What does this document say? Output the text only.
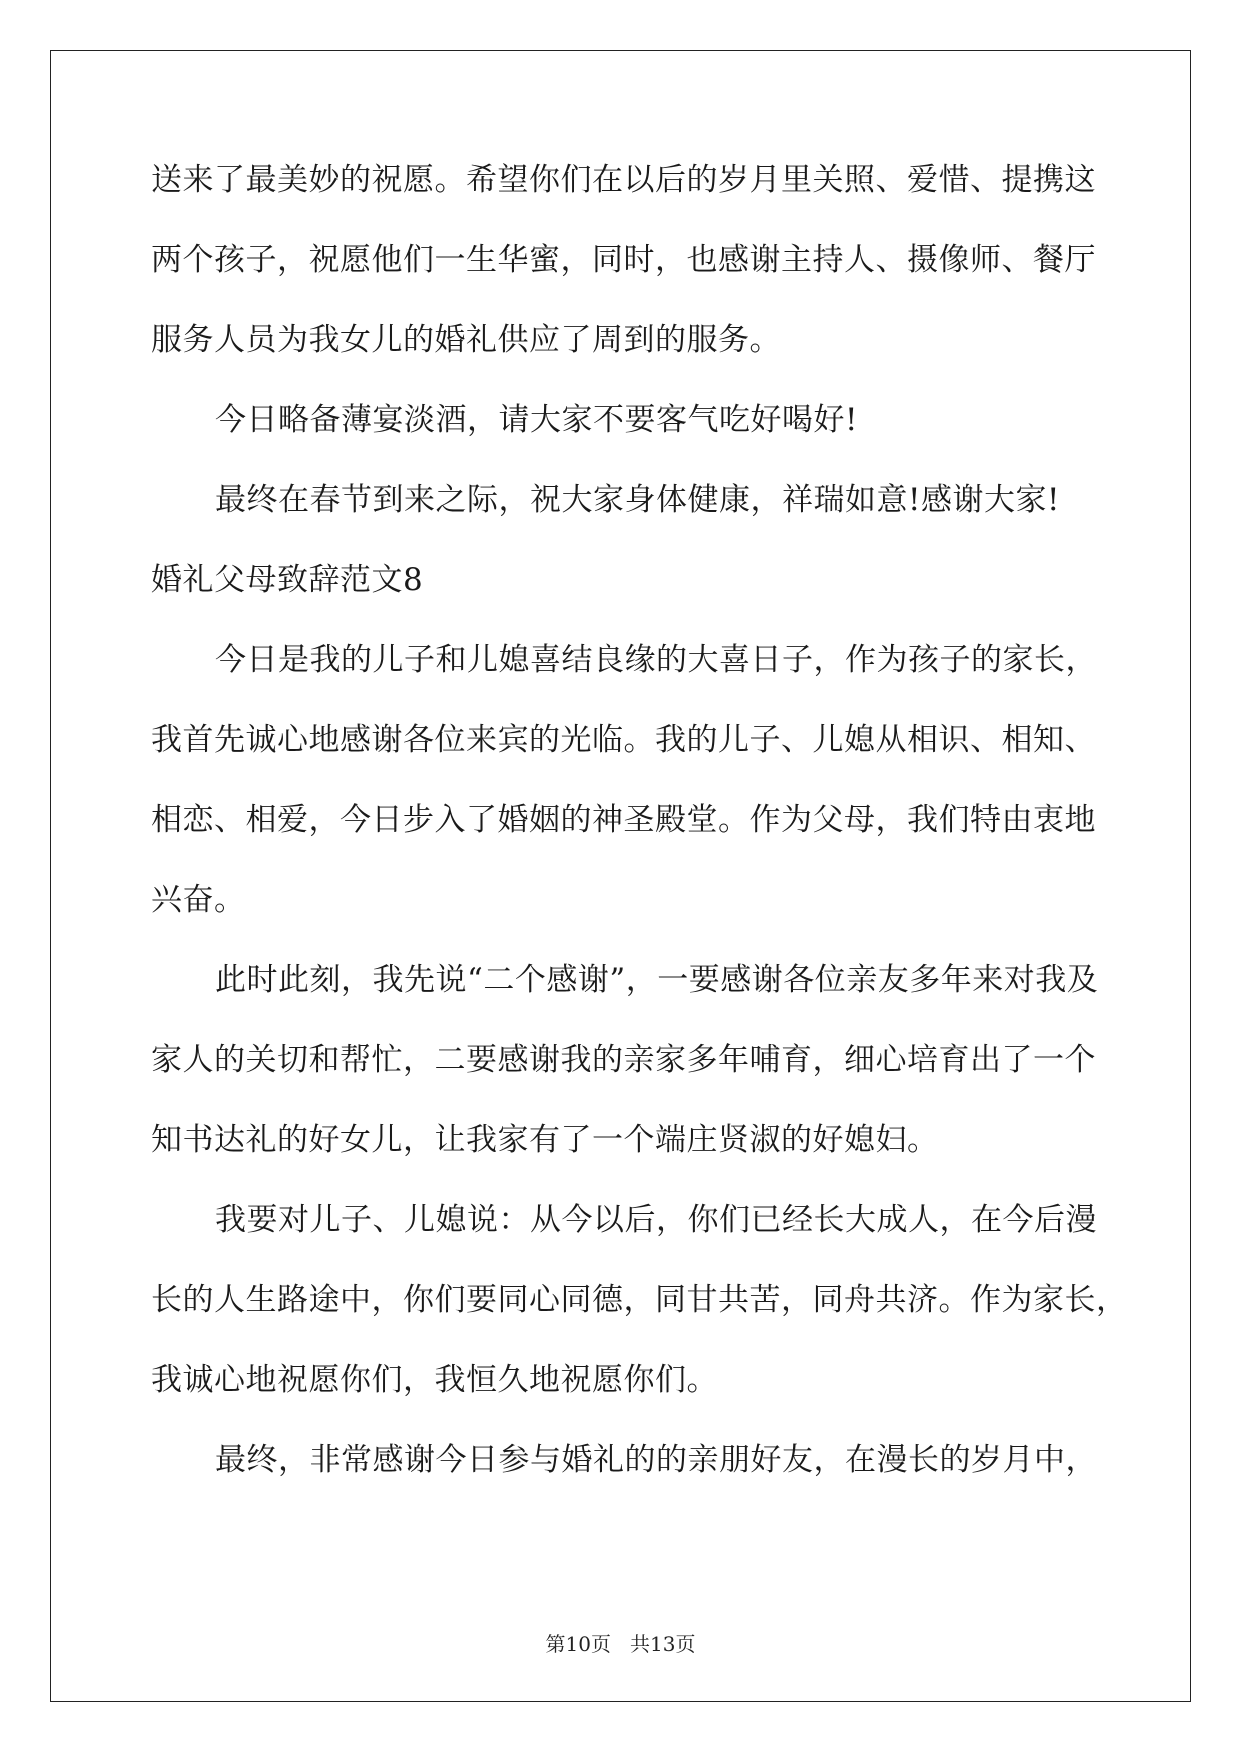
送来了最美妙的祝愿。希望你们在以后的岁月里关照、爱惜、提携这
两个孩子，祝愿他们一生华蜜，同时，也感谢主持人、摄像师、餐厅
服务人员为我女儿的婚礼供应了周到的服务。
今日略备薄宴淡酒，请大家不要客气吃好喝好!
最终在春节到来之际，祝大家身体健康，祥瑞如意!感谢大家!
婚礼父母致辞范文8
今日是我的儿子和儿媳喜结良缘的大喜日子，作为孩子的家长，
我首先诚心地感谢各位来宾的光临。我的儿子、儿媳从相识、相知、
相恋、相爱，今日步入了婚姻的神圣殿堂。作为父母，我们特由衷地
兴奋。
此时此刻，我先说“二个感谢”，一要感谢各位亲友多年来对我及
家人的关切和帮忙，二要感谢我的亲家多年哺育，细心培育出了一个
知书达礼的好女儿，让我家有了一个端庄贤淑的好媳妇。
我要对儿子、儿媳说：从今以后，你们已经长大成人，在今后漫
长的人生路途中，你们要同心同德，同甘共苦，同舟共济。作为家长，
我诚心地祝愿你们，我恒久地祝愿你们。
最终，非常感谢今日参与婚礼的的亲朋好友，在漫长的岁月中，
第10页   共13页
